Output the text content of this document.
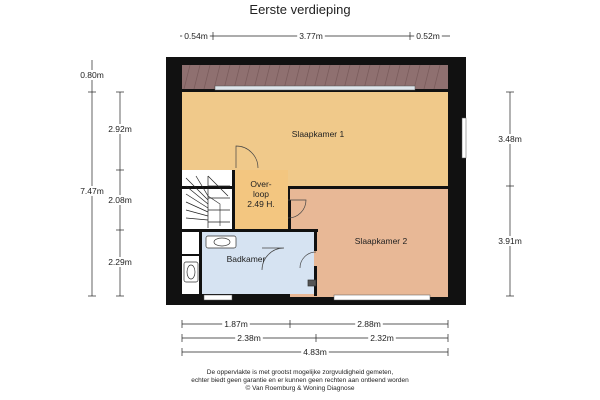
Eerste verdieping
Slaapkamer 1
Over-
loop
2.49 H.
Slaapkamer 2
Badkamer
0.54m	3.77m	0.52m
0.80m
7.47m
2.92m
2.08m
2.29m
3.48m
3.91m
1.87m	2.88m
2.38m	2.32m
4.83m
De oppervlakte is met grootst mogelijke zorgvuldigheid gemeten,
echter biedt geen garantie en er kunnen geen rechten aan ontleend worden
© Van Roemburg & Woning Diagnose
